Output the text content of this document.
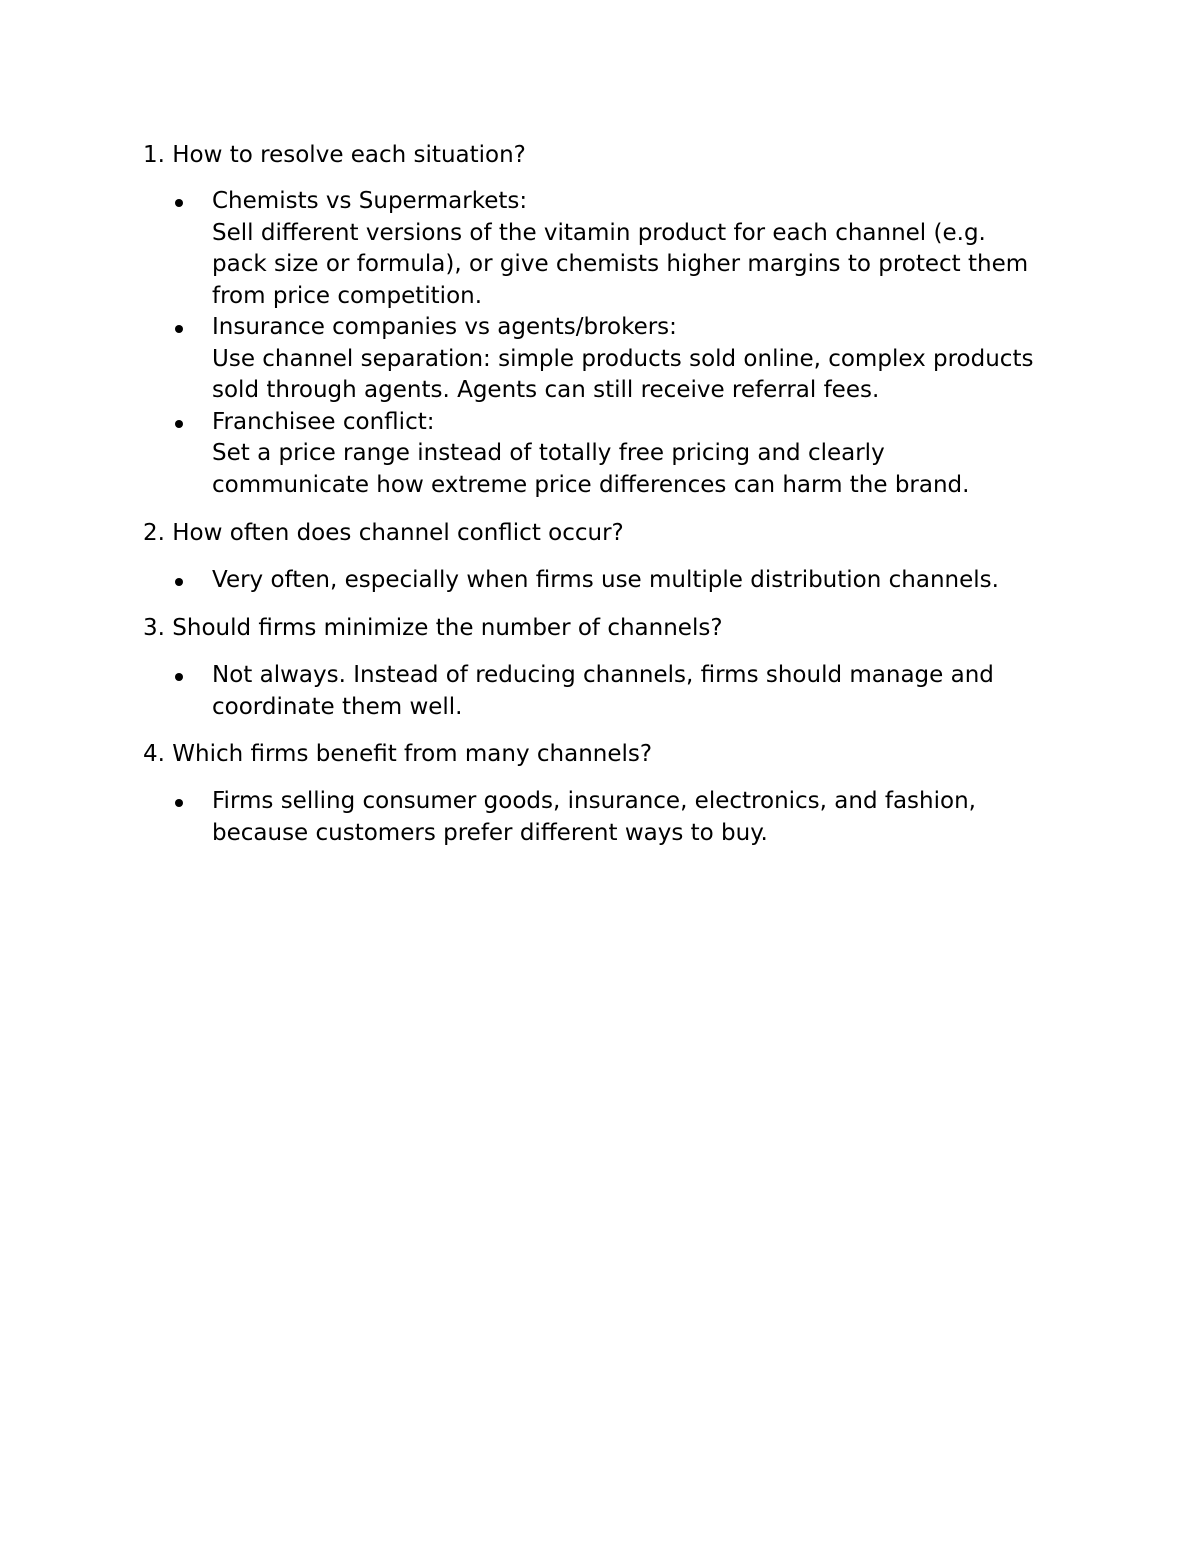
1. How to resolve each situation?
Chemists vs Supermarkets:
Sell different versions of the vitamin product for each channel (e.g.
pack size or formula), or give chemists higher margins to protect them
from price competition.
Insurance companies vs agents/brokers:
Use channel separation: simple products sold online, complex products
sold through agents. Agents can still receive referral fees.
Franchisee conflict:
Set a price range instead of totally free pricing and clearly
communicate how extreme price differences can harm the brand.
2. How often does channel conflict occur?
Very often, especially when firms use multiple distribution channels.
3. Should firms minimize the number of channels?
Not always. Instead of reducing channels, firms should manage and
coordinate them well.
4. Which firms benefit from many channels?
Firms selling consumer goods, insurance, electronics, and fashion,
because customers prefer different ways to buy.
